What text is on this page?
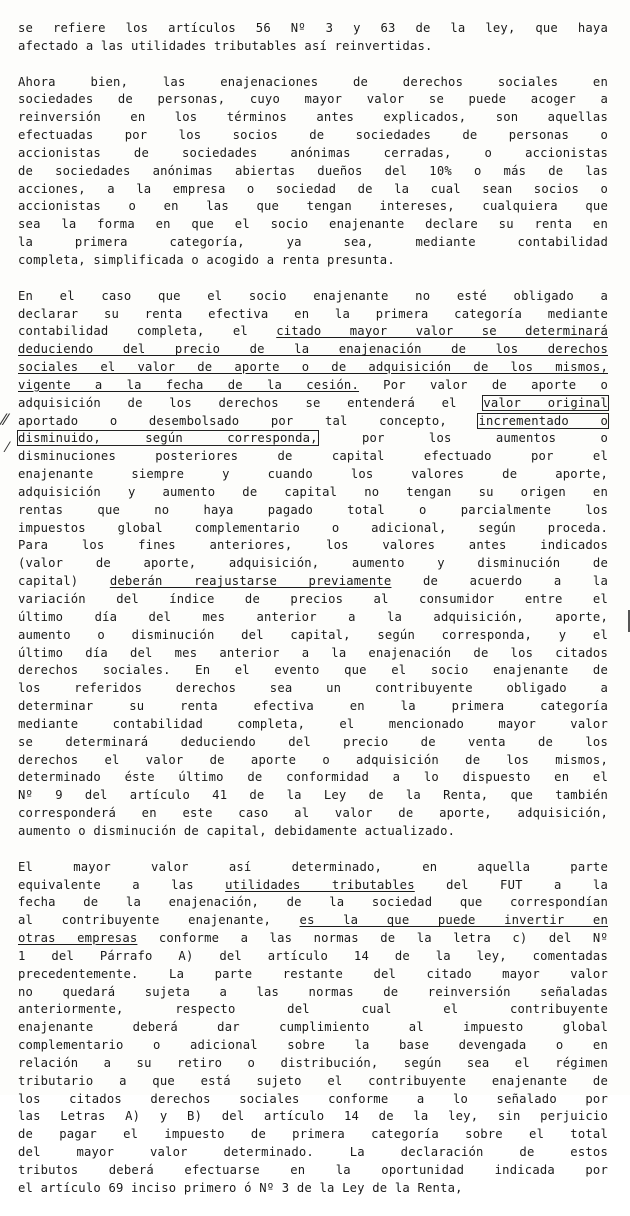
se refiere los artículos 56 Nº 3 y 63 de la ley, que haya
afectado a las utilidades tributables así reinvertidas.
Ahora bien, las enajenaciones de derechos sociales en
sociedades de personas, cuyo mayor valor se puede acoger a
reinversión en los términos antes explicados, son aquellas
efectuadas por los socios de sociedades de personas o
accionistas de sociedades anónimas cerradas, o accionistas
de sociedades anónimas abiertas dueños del 10% o más de las
acciones, a la empresa o sociedad de la cual sean socios o
accionistas o en las que tengan intereses, cualquiera que
sea la forma en que el socio enajenante declare su renta en
la primera categoría, ya sea, mediante contabilidad
completa, simplificada o acogido a renta presunta.
En el caso que el socio enajenante no esté obligado a
declarar su renta efectiva en la primera categoría mediante
contabilidad completa, el citado mayor valor se determinará
deduciendo del precio de la enajenación de los derechos
sociales el valor de aporte o de adquisición de los mismos,
vigente a la fecha de la cesión. Por valor de aporte o
adquisición de los derechos se entenderá el valor original
aportado o desembolsado por tal concepto, incrementado o
disminuido, según corresponda, por los aumentos o
disminuciones posteriores de capital efectuado por el
enajenante siempre y cuando los valores de aporte,
adquisición y aumento de capital no tengan su origen en
rentas que no haya pagado total o parcialmente los
impuestos global complementario o adicional, según proceda.
Para los fines anteriores, los valores antes indicados
(valor de aporte, adquisición, aumento y disminución de
capital) deberán reajustarse previamente de acuerdo a la
variación del índice de precios al consumidor entre el
último día del mes anterior a la adquisición, aporte,
aumento o disminución del capital, según corresponda, y el
último día del mes anterior a la enajenación de los citados
derechos sociales. En el evento que el socio enajenante de
los referidos derechos sea un contribuyente obligado a
determinar su renta efectiva en la primera categoría
mediante contabilidad completa, el mencionado mayor valor
se determinará deduciendo del precio de venta de los
derechos el valor de aporte o adquisición de los mismos,
determinado éste último de conformidad a lo dispuesto en el
Nº 9 del artículo 41 de la Ley de la Renta, que también
corresponderá en este caso al valor de aporte, adquisición,
aumento o disminución de capital, debidamente actualizado.
El mayor valor así determinado, en aquella parte
equivalente a las utilidades tributables del FUT a la
fecha de la enajenación, de la sociedad que correspondían
al contribuyente enajenante, es la que puede invertir en
otras empresas conforme a las normas de la letra c) del Nº
1 del Párrafo A) del artículo 14 de la ley, comentadas
precedentemente. La parte restante del citado mayor valor
no quedará sujeta a las normas de reinversión señaladas
anteriormente, respecto del cual el contribuyente
enajenante deberá dar cumplimiento al impuesto global
complementario o adicional sobre la base devengada o en
relación a su retiro o distribución, según sea el régimen
tributario a que está sujeto el contribuyente enajenante de
los citados derechos sociales conforme a lo señalado por
las Letras A) y B) del artículo 14 de la ley, sin perjuicio
de pagar el impuesto de primera categoría sobre el total
del mayor valor determinado. La declaración de estos
tributos deberá efectuarse en la oportunidad indicada por
el artículo 69 inciso primero ó Nº 3 de la Ley de la Renta,
⁄⁄
⁄
